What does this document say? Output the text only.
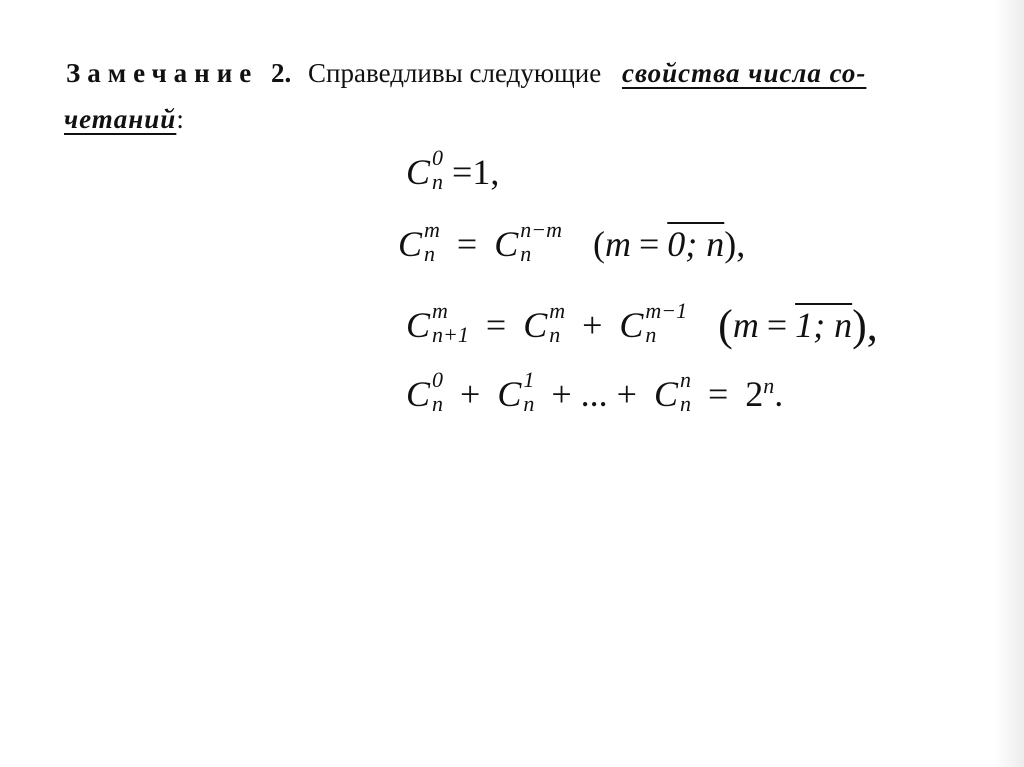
Замечание 2. Справедливы следующие свойства числа со-
четаний:
C 0
n =1,
C m
n = C n−m
n	(m = 0; n),
C m
n+1 = C m
n + C m−1
n	(m = 1; n),
C 0
n + C 1
n + ... + C n
$n = 2^n$.
